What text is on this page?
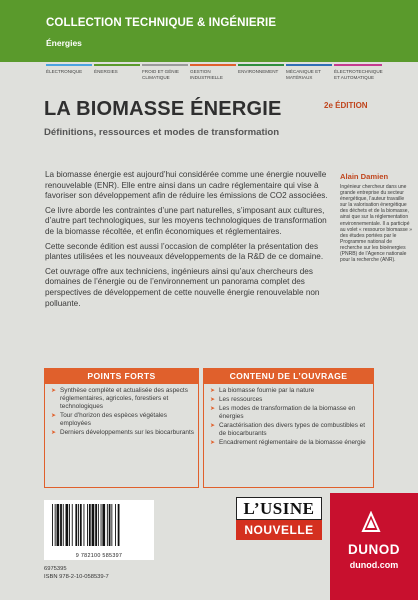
COLLECTION TECHNIQUE & INGÉNIERIE
Énergies
ÉLECTRONIQUE	ÉNERGIES	FROID ET GÉNIE CLIMATIQUE
GESTION INDUSTRIELLE
ENVIRONNEMENT	MÉCANIQUE ET MATÉRIAUX
ÉLECTROTECHNIQUE ET AUTOMATIQUE
LA BIOMASSE ÉNERGIE	2e ÉDITION
Définitions, ressources et modes de transformation

La biomasse énergie est aujourd’hui considérée comme une énergie nouvelle renouvelable (ENR). Elle entre ainsi dans un cadre réglementaire qui vise à favoriser son développement afin de réduire les émissions de CO2 associées.

Ce livre aborde les contraintes d’une part naturelles, s’imposant aux cultures, d’autre part technologiques, sur les moyens technologiques de transformation de la biomasse récoltée, et enfin économiques et réglementaires.

Cette seconde édition est aussi l’occasion de compléter la présentation des plantes utilisées et les nouveaux développements de la R&D de ce domaine.

Cet ouvrage offre aux techniciens, ingénieurs ainsi qu’aux chercheurs des domaines de l’énergie ou de l’environnement un panorama complet des perspectives de développement de cette nouvelle énergie renouvelable non polluante.

Alain Damien
Ingénieur chercheur dans une grande entreprise du secteur énergétique, l’auteur travaille sur la valorisation énergétique des déchets et de la biomasse, ainsi que sur la réglementation environnementale. Il a participé au volet « ressource biomasse » des études portées par le Programme national de recherche sur les bioénergies (PNRB) de l’Agence nationale pour la recherche (ANR).
POINTS FORTS
➤ Synthèse complète et actualisée des aspects réglementaires, agricoles, forestiers et technologiques
➤ Tour d’horizon des espèces végétales employées
➤ Derniers développements sur les biocarburants
CONTENU DE L’OUVRAGE
➤ La biomasse fournie par la nature
➤ Les ressources
➤ Les modes de transformation de la biomasse en énergies
➤ Caractérisation des divers types de combustibles et de biocarburants
➤ Encadrement réglementaire de la biomasse énergie
9 782100 585397
6975395
ISBN 978-2-10-058539-7
L’USINE
NOUVELLE
DUNOD
dunod.com
